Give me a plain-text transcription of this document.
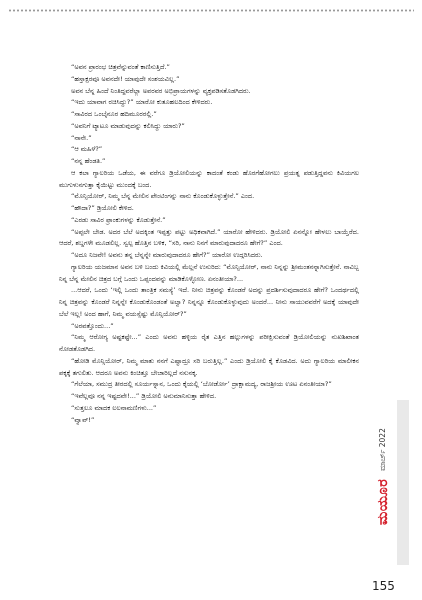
“ಅವನ ಪ್ರಾರಂಭ ಚಿತ್ರವೆನ್ನುವಂತೆ ಕಾಣಿಸುತ್ತಿದೆ.”

“ಹಸ್ತಾಕ್ಷರವೂ ಅವನದೇ! ಯಾವುದೇ ಸಂಶಯವಿಲ್ಲ.”

ಅವನ ಬೆನ್ನ ಹಿಂದೆ ನಿಂತಿದ್ದವರೆಲ್ಲಾ ಅವರವರ ಅಭಿಪ್ರಾಯಗಳನ್ನು ವ್ಯಕ್ತಪಡಿಸತೊಡಗಿದರು.

“ಇದು ಯಾವಾಗ ರಚಿಸಿದ್ದು?” ಯಾರೋ ಕುತೂಹಲದಿಂದ ಕೇಳಿದರು.

“ಸಾವಿರದ ಒಂಬೈನೂರ ಹದಿಮೂರರಲ್ಲಿ.”

“ಅವನಿಗೆ ಟ್ಯಾಟೂ ಮಾಡುವುದನ್ನು ಕಲಿಸಿದ್ದು ಯಾರು?”

“ನಾನೇ.”

“ಆ ಮಹಿಳೆ?”

“ನನ್ನ ಹೆಂಡತಿ.”

ಆ ಕಲಾ ಗ್ಯಾಲರಿಯ ಒಡೆಯ, ಈ ವರೆಗೂ ಡ್ರಿಯೋಲಿಯನ್ನು ಕಾದಂತೆ ಕಂಡು ಹೊರಗೆಹೋಗಲು ಪ್ರಯತ್ನ ಪಡುತ್ತಿದ್ದವನು ಕಿವಿಯಗಲ ಮುಗುಳುನಗುತ್ತಾ ಕೈಯಿಟ್ಟು ಮುಂದಕ್ಕೆ ಬಂದ.

“ಮೊನ್ಸಿಯೋರ್, ನಿಮ್ಮ ಬೆನ್ನ ಮೇಲಿನ ಪೇಂಟಿಂಗನ್ನು ನಾನು ಕೊಂಡುಕೊಳ್ಳುತ್ತೇನೆ.” ಎಂದ.

“ಹೌದಾ?” ಡ್ರಿಯೋಲಿ ಕೇಳಿದ.

“ಎರಡು ಸಾವಿರ ಫ್ರಾಂಕುಗಳನ್ನು ಕೊಡುತ್ತೇನೆ.”

“ಅಪ್ಪಲೇ ಬೇಡ. ಅದರ ಬೆಲೆ ಅದಕ್ಕಿಂತ ಇಪ್ಪತ್ತು ಪಟ್ಟು ಅಧಿಕವಾಗಿದೆ.” ಯಾರೋ ಹೇಳಿದರು. ಡ್ರಿಯೋಲಿ ಏನನ್ನೋ ಹೇಳಲು ಬಾಯ್ತೆರೆದ. ಆದರೆ, ಶಬ್ದಗಳೇ ಮೂಡಲಿಲ್ಲ. ಸ್ವಲ್ಪ ಹೊತ್ತಿನ ಬಳಿಕ, “ಸರಿ, ನಾನು ನಿನಗೆ ಮಾರುವುದಾದರೂ ಹೇಗೆ?” ಎಂದ.

“ಅದೂ ನಿಜವೇ! ಅವನು ತನ್ನ ಬೆನ್ನನ್ನೇ ಮಾರುವುದಾದರೂ ಹೇಗೆ?” ಯಾರೋ ಉದ್ಗರಿಸಿದರು.

ಗ್ಯಾಲರಿಯ ಯಜಮಾನ ಅವನ ಬಳಿ ಬಂದು ಕಿವಿಯಲ್ಲಿ ಮೆಲ್ಲನೆ ಉಸುರಿದ: “ಮೊನ್ಸಿಯೋರ್, ನಾನು ನಿನ್ನನ್ನು ಶ್ರೀಮಂತನನ್ನಾಗಿಸುತ್ತೇನೆ. ನಾವಿಬ್ಬ ನಿನ್ನ ಬೆನ್ನ ಮೇಲಿನ ಚಿತ್ರದ ಬಗ್ಗೆ ಒಂದು ಒಪ್ಪಂದವನ್ನು ಮಾಡಿಕೊಳ್ಳೋಣ. ಏನಂತೀಯಾ?...

...ಆದರೆ, ಒಂದು ‘ಇಲ್ಲಿ ಒಂದು ತಾಂತ್ರಿಕ ಸಮಸ್ಯೆ’ ಇದೆ. ನೀನು ಚಿತ್ರವನ್ನು ಕೊಂಡರೆ ಅದನ್ನು ಪ್ರದರ್ಶಿಸುವುದಾದರೂ ಹೇಗೆ? ಒಂದರ್ಥದಲ್ಲಿ ನಿನ್ನ ಚಿತ್ರವನ್ನು ಕೊಂಡರೆ ನಿನ್ನನ್ನೇ ಕೊಂಡುಕೊಂಡಂತೆ ಅಲ್ವಾ? ನಿನ್ನನ್ನೂ ಕೊಂಡುಕೊಳ್ಳುವುದು ಅಂದರೆ... ನೀನು ಸಾಯುವವರೆಗೆ ಅದಕ್ಕೆ ಯಾವುದೇ ಬೆಲೆ ಇಲ್ಲ! ಅಂದ ಹಾಗೆ, ನಿಮ್ಮ ವಯಸ್ಸೆಷ್ಟು ಮೊನ್ಸಿಯೋರ್?”

“ಅರವತ್ತೊಂದು...”

“ನಿಮ್ಮ ಆರೋಗ್ಯ ಅಷ್ಟಕಷ್ಟೇ...” ಎಂದು ಅವನು ಹಳ್ಳಿಯ ರೈತ ಎತ್ತಿನ ಹಲ್ಲುಗಳನ್ನು ಪರೀಕ್ಷಿಸುವಂತೆ ಡ್ರಿಯೋಲಿಯನ್ನು ನುಖಶಿಖಾಂತ ನೋಡತೊಡಗಿದ.

“ಹೋಡಿ ಮೊನ್ಸಿಯೋರ್, ನಿಮ್ಮ ಮಾತು ನನಗೆ ಎಷ್ಟಾದ್ರೂ ಸರಿ ಬರುತ್ತಿಲ್ಲ.” ಎಂದು ಡ್ರಿಯೋಲಿ ಕೈ ಕೊಡವಿದ. ಅದು ಗ್ಯಾಲರಿಯ ಮಾಲೀಕನ ಪಕ್ಕಕ್ಕೆ ತಗುಲಿತು. ಆದರೂ ಅವನು ಕಿಂಚಿತ್ತೂ ಬೇಜಾರಿಲ್ಲದೆ ನಸುನಕ್ಕ.

“ಗೆಲೆಯಾ, ಸಮುದ್ರ ತೀರದಲ್ಲಿ ಸೂರ್ಯಸ್ನಾನ, ಒಂದು ಕೈಯಲ್ಲಿ ‘ಬೋರ್ಡೋ’ ದ್ರಾಕ್ಷಾಮದ್ಯ, ರಾಜಶ್ರೀಯ ಊಟ ಏನಂತೀಯಾ?”

“ಇವೆಲ್ಲವೂ ನನ್ನ ಇಷ್ಟದವೇ!...” ಡ್ರಿಯೋಲಿ ಅನುಮಾನಿಸುತ್ತಾ ಹೇಳಿದ.

“ಸುತ್ತಲೂ ಮಾದಕ ಲಲನಾಮಣಿಗಳು...”

“ವ್ವಾವ್!”

ಮಯೂರ
ಮಾರ್ಚ್ 2022
155
